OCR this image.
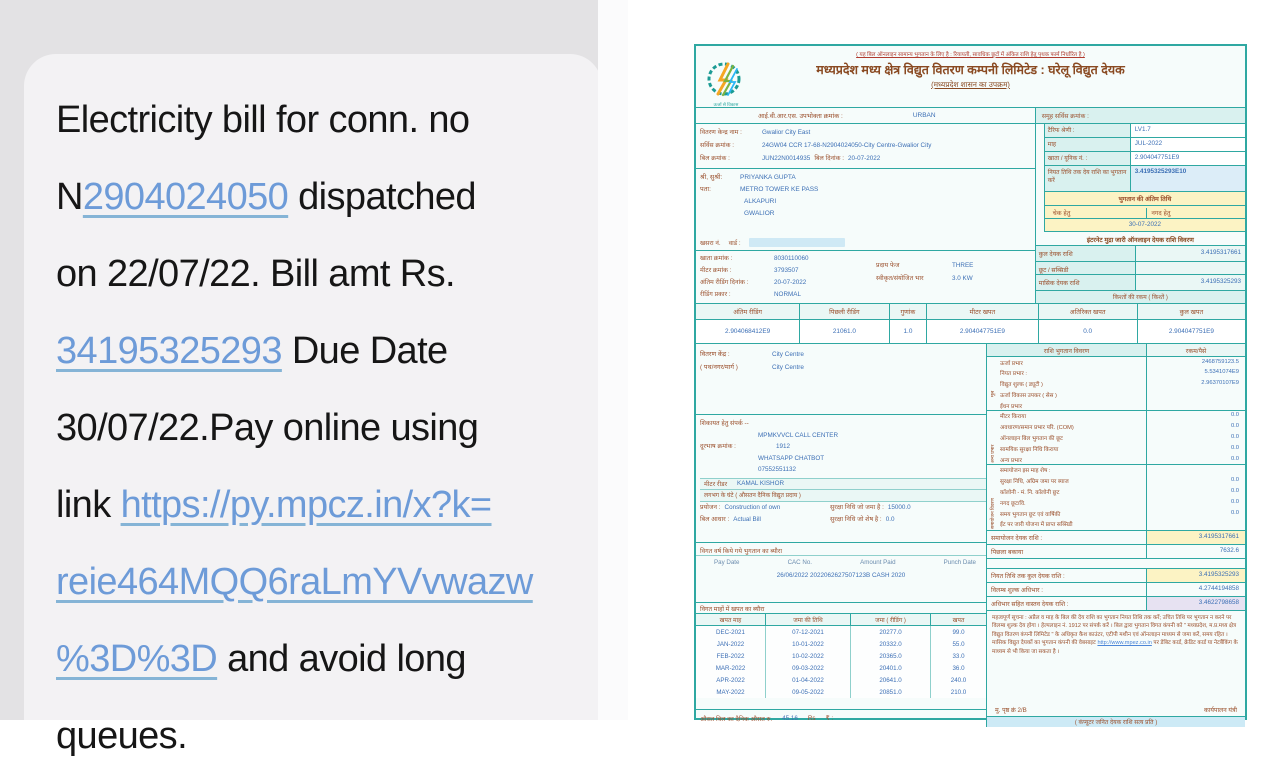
Electricity bill for conn. no

N2904024050 dispatched

on 22/07/22. Bill amt Rs.

34195325293 Due Date

30/07/22.Pay online using

link https://py.mpcz.in/x?k=

reie464MQQ6raLmYVvwazw

%3D%3D and avoid long

queues.

ऊर्जा से विकास
( यह बिल ऑनलाइन सामान्य भुगतान के लिए है : रियायती, सावधिक छूटों में अंकित राशि हेतु पृथक फार्म निर्धारित है )
मध्यप्रदेश मध्य क्षेत्र विद्युत वितरण कम्पनी लिमिटेड : घरेलू विद्युत देयक
(मध्यप्रदेश शासन का उपक्रम)
आई.वी.आर.एस. उपभोक्ता क्रमांक :	URBAN
वितरण केन्द्र नाम :	Gwalior City East
सर्विस क्रमांक :	24GW04 CCR 17-68-N2904024050-City Centre-Gwalior City
बिल क्रमांक :	JUN22N0014935 बिल दिनांक : 20-07-2022
श्री, सुश्री:	PRIYANKA GUPTA
पता:	METRO TOWER KE PASS
ALKAPURI
GWALIOR
खसरा नं. वार्ड :
खाता क्रमांक :	8030110060
मीटर क्रमांक :	3793507
अंतिम रीडिंग दिनांक :	20-07-2022
रीडिंग प्रकार :	NORMAL
प्रदाय फेज	THREE
स्वीकृत/संयोजित भार	3.0 KW
समूह सर्विस क्रमांक :
टैरिफ श्रेणी :	LV1.7
माह	JUL-2022
खाता / यूनिक नं. :	2.904047751E9
नियत तिथि तक देय राशि का भुगतान करें
3.4195325293E10
भुगतान की अंतिम तिथि
चेक हेतु	नगद हेतु
30-07-2022
इंटरनेट मुद्रा जारी ऑनलाइन देयक राशि विवरण
कुल देयक राशि	3.4195317661
छूट / सब्सिडी
मासिक देयक राशि	3.4195325293
किश्तों की रकम ( किश्तें )
अंतिम रीडिंग	पिछली रीडिंग	गुणांक	मीटर खपत	अतिरिक्त खपत	कुल खपत
2.904068412E9	21061.0	1.0	2.904047751E9	0.0	2.904047751E9
वितरण केंद्र :	City Centre
( पथ/नगर/मार्ग )	City Centre
शिकायत हेतु संपर्क --
MPMKVVCL CALL CENTER
दूरभाष क्रमांक :	1912
WHATSAPP CHATBOT
07552551132
मीटर रीडर KAMAL KISHOR
लगभग के घंटे ( औसतन दैनिक विद्युत प्रदाय )
प्रयोजन : Construction of own	सुरक्षा निधि जो जमा है : 15000.0
बिल आधार : Actual Bill	सुरक्षा निधि जो शेष है : 0.0
विगत वर्ष किये गये भुगतान का ब्यौरा
Pay Date	CAC No.	Amount Paid	Punch Date
26/06/2022 2022062627507123B CASH 2020
विगत माहों में खपत का ब्यौरा
खपत माह	जमा की तिथि	जमा ( रीडिंग )	खपत
DEC-2021	07-12-2021	20277.0	99.0
JAN-2022	10-01-2022	20332.0	55.0
FEB-2022	10-02-2022	20365.0	33.0
MAR-2022	09-03-2022	20401.0	36.0
APR-2022	01-04-2022	20641.0	240.0
MAY-2022	09-05-2022	20851.0	210.0
औसत बिल का दैनिक औसत रु. 45.16 Rs ₹ :
राशि भुगतान विवरण	रकम/पैसे
मूल
अन्य प्रभार
समायोजन विवरण
ऊर्जा प्रभार	2468759123.5
नियत प्रभार :	5.5341074E9
विद्युत शुल्क ( ड्यूटी )	2.96370107E9
ऊर्जा विकास उपकर ( सेस )
ईंधन प्रभार
मीटर किराया	0.0
अवधारण/समान प्रभार परि. (COM)	0.0
ऑनलाइन बिल भुगतान की छूट	0.0
सामयिक सुरक्षा निधि किराया	0.0
अन्य प्रभार	0.0
समायोजन इस माह शेष :
सुरक्षा निधि, अग्रिम जमा पर ब्याज	0.0
कॉलोनी - मं. नि. कॉलोनी छूट	0.0
नगद छूट/वि.	0.0
समय भुगतान छूट एवं वार्षिकी	0.0
ईंट पर जारी योजना में प्राप्त सब्सिडी
समायोजन देयक राशि :	3.4195317661
पिछला बकाया	7632.6
नियत तिथि तक कुल देयक राशि :	3.4195325293
विलम्ब शुल्क अधिभार :	4.2744194858
अधिभार सहित वास्तव देयक राशि :	3.4622798658
महत्वपूर्ण सूचना : अप्रैल व माह के बिल की देय राशि का भुगतान नियत तिथि तक करें; उचित तिथि पर भुगतान न करने पर विलम्ब शुल्क देय होगा । हेल्पलाइन नं. 1912 पर संपर्क करें । बिल द्वारा भुगतान विगत कंपनी को " मध्यप्रदेश, म.प्र.मध्य क्षेत्र विद्युत वितरण कंपनी लिमिटेड " के अधिकृत कैश काउंटर, एटीपी मशीन एवं ऑनलाइन माध्यम से जमा करें, समय रहित । मासिक विद्युत देयकों का भुगतान कंपनी की वेबसाइट http://www.mpez.co.in पर डेबिट कार्ड, क्रेडिट कार्ड या नेटबैंकिंग के माध्यम से भी किया जा सकता है ।
मु. पृष्ठ क्रं 2/B	कार्यपालन यंत्री
( कंप्यूटर जनित देयक राशि सत्य प्रति )
